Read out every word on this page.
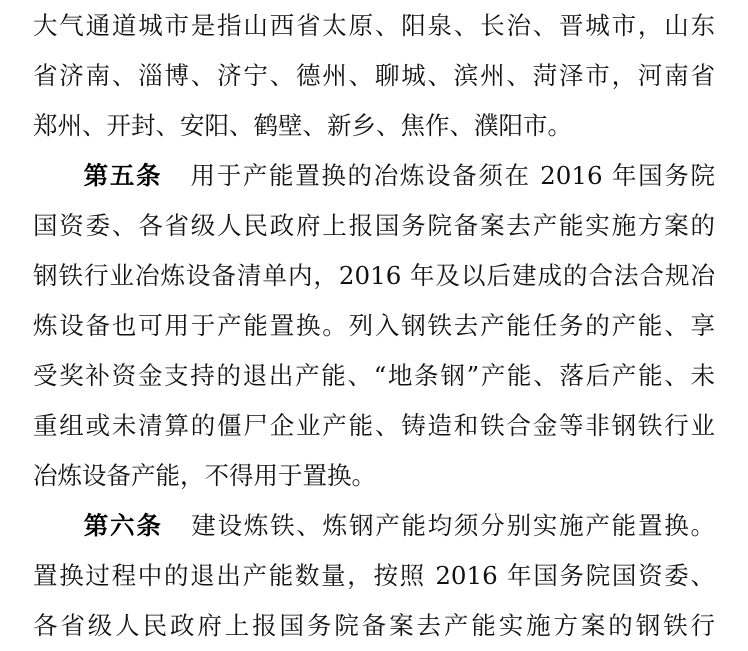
大气通道城市是指山西省太原、阳泉、长治、晋城市，山东
省济南、淄博、济宁、德州、聊城、滨州、菏泽市，河南省
郑州、开封、安阳、鹤壁、新乡、焦作、濮阳市。
第五条 用于产能置换的冶炼设备须在 2016 年国务院
国资委、各省级人民政府上报国务院备案去产能实施方案的
钢铁行业冶炼设备清单内，2016 年及以后建成的合法合规冶
炼设备也可用于产能置换。列入钢铁去产能任务的产能、享
受奖补资金支持的退出产能、“地条钢”产能、落后产能、未
重组或未清算的僵尸企业产能、铸造和铁合金等非钢铁行业
冶炼设备产能，不得用于置换。
第六条 建设炼铁、炼钢产能均须分别实施产能置换。
置换过程中的退出产能数量，按照 2016 年国务院国资委、
各省级人民政府上报国务院备案去产能实施方案的钢铁行
